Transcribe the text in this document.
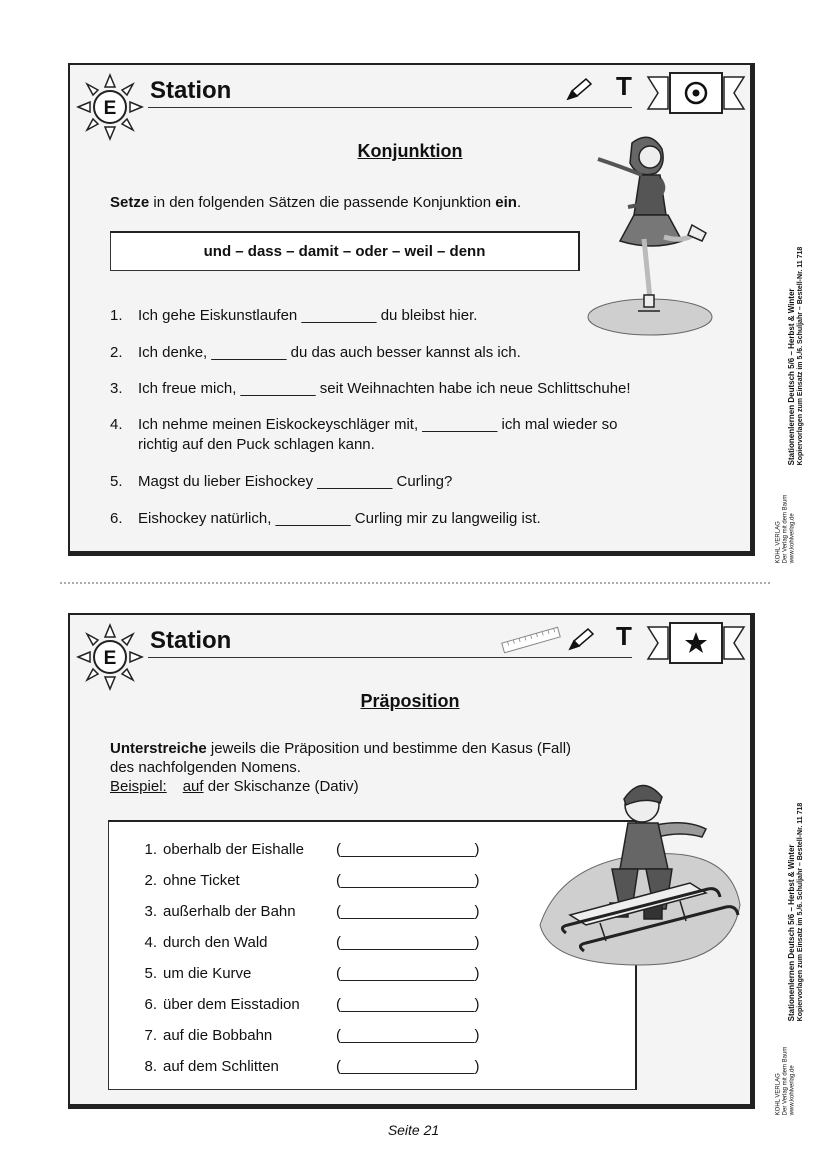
E
Station	T
Konjunktion
Setze in den folgenden Sätzen die passende Konjunktion ein.
und – dass – damit – oder – weil – denn
1. Ich gehe Eiskunstlaufen _________ du bleibst hier.
2. Ich denke, _________ du das auch besser kannst als ich.
3. Ich freue mich, _________ seit Weihnachten habe ich neue Schlittschuhe!
4. Ich nehme meinen Eiskockeyschläger mit, _________ ich mal wieder so richtig auf den Puck schlagen kann.
5. Magst du lieber Eishockey _________ Curling?
6. Eishockey natürlich, _________ Curling mir zu langweilig ist.
Stationenlernen Deutsch 5/6 – Herbst & Winter Kopiervorlagen zum Einsatz im 5./6. Schuljahr – Bestell-Nr. 11 718
KOHL VERLAG Der Verlag mit dem Baum www.kohlverlag.de
E
Station	T
Präposition
Unterstreiche jeweils die Präposition und bestimme den Kasus (Fall)
des nachfolgenden Nomens.
Beispiel: auf der Skischanze (Dativ)
1. oberhalb der Eishalle (________________)
2. ohne Ticket	(________________)
3. außerhalb der Bahn	(________________)
4. durch den Wald	(________________)
5. um die Kurve	(________________)
6. über dem Eisstadion (________________)
7. auf die Bobbahn	(________________)
8. auf dem Schlitten	(________________)
Stationenlernen Deutsch 5/6 – Herbst & Winter Kopiervorlagen zum Einsatz im 5./6. Schuljahr – Bestell-Nr. 11 718
KOHL VERLAG Der Verlag mit dem Baum www.kohlverlag.de
Seite 21
